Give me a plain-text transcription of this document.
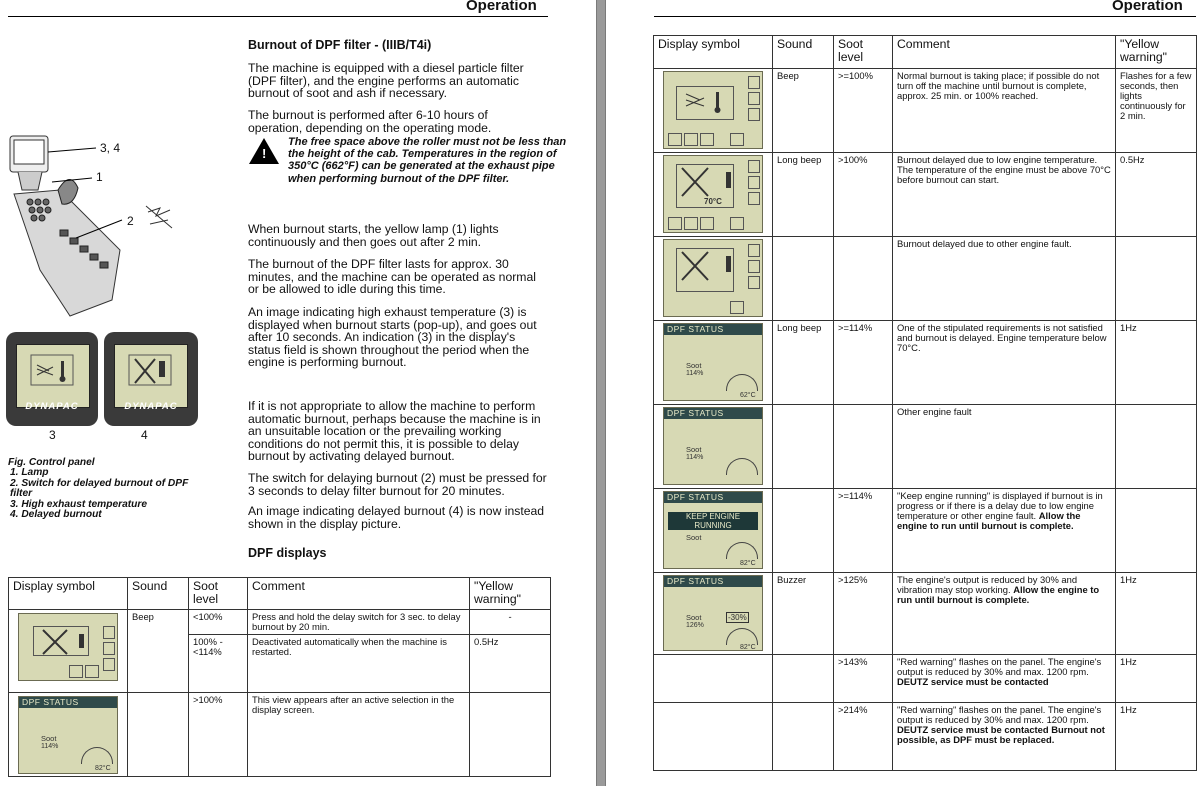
Operation
Burnout of DPF filter - (IIIB/T4i)
The machine is equipped with a diesel particle filter (DPF filter), and the engine performs an automatic burnout of soot and ash if necessary.
The burnout is performed after 6-10 hours of operation, depending on the operating mode.
!
The free space above the roller must not be less than the height of the cab. Temperatures in the region of 350°C (662°F) can be generated at the exhaust pipe when performing burnout of the DPF filter.
When burnout starts, the yellow lamp (1) lights continuously and then goes out after 2 min.
The burnout of the DPF filter lasts for approx. 30 minutes, and the machine can be operated as normal or be allowed to idle during this time.
An image indicating high exhaust temperature (3) is displayed when burnout starts (pop-up), and goes out after 10 seconds. An indication (3) in the display's status field is shown throughout the period when the engine is performing burnout.
If it is not appropriate to allow the machine to perform automatic burnout, perhaps because the machine is in an unsuitable location or the prevailing working conditions do not permit this, it is possible to delay burnout by activating delayed burnout.
The switch for delaying burnout (2) must be pressed for 3 seconds to delay filter burnout for 20 minutes.
An image indicating delayed burnout (4) is now instead shown in the display picture.
DPF displays
3, 4
1
2
DYNAPAC	DYNAPAC
3	4
Fig. Control panel
1. Lamp
2. Switch for delayed burnout of DPF filter
3. High exhaust temperature
4. Delayed burnout
Display symbol	Sound	Soot level	Comment	"Yellow warning"

	Beep	<100%	Press and hold the delay switch for 3 sec. to delay burnout by 20 min.	-
		100% - <114%	Deactivated automatically when the machine is restarted.	0.5Hz

DPF STATUS
Soot
114%
82°C		>100%	This view appears after an active selection in the display screen.	
Operation
Display symbol	Sound	Soot level	Comment	"Yellow warning"

	Beep	>=100%	Normal burnout is taking place; if possible do not turn off the machine until burnout is complete, approx. 25 min. or 100% reached.	Flashes for a few seconds, then lights continuously for 2 min.

70°C	Long beep	>100%	Burnout delayed due to low engine temperature. The temperature of the engine must be above 70°C before burnout can start.	0.5Hz

			Burnout delayed due to other engine fault.	

DPF STATUS
Soot
114%
62°C	Long beep	>=114%	One of the stipulated requirements is not satisfied and burnout is delayed. Engine temperature below 70°C.	1Hz

DPF STATUS
Soot
114%			Other engine fault	

DPF STATUS
KEEP ENGINE RUNNING
Soot
82°C		>=114%	"Keep engine running" is displayed if burnout is in progress or if there is a delay due to low engine temperature or other engine fault. Allow the engine to run until burnout is complete.	

DPF STATUS
Soot
126%
-30%
82°C	Buzzer	>125%	The engine's output is reduced by 30% and vibration may stop working. Allow the engine to run until burnout is complete.	1Hz
		>143%	"Red warning" flashes on the panel. The engine's output is reduced by 30% and max. 1200 rpm. DEUTZ service must be contacted	1Hz
		>214%	"Red warning" flashes on the panel. The engine's output is reduced by 30% and max. 1200 rpm. DEUTZ service must be contacted Burnout not possible, as DPF must be replaced.	1Hz
